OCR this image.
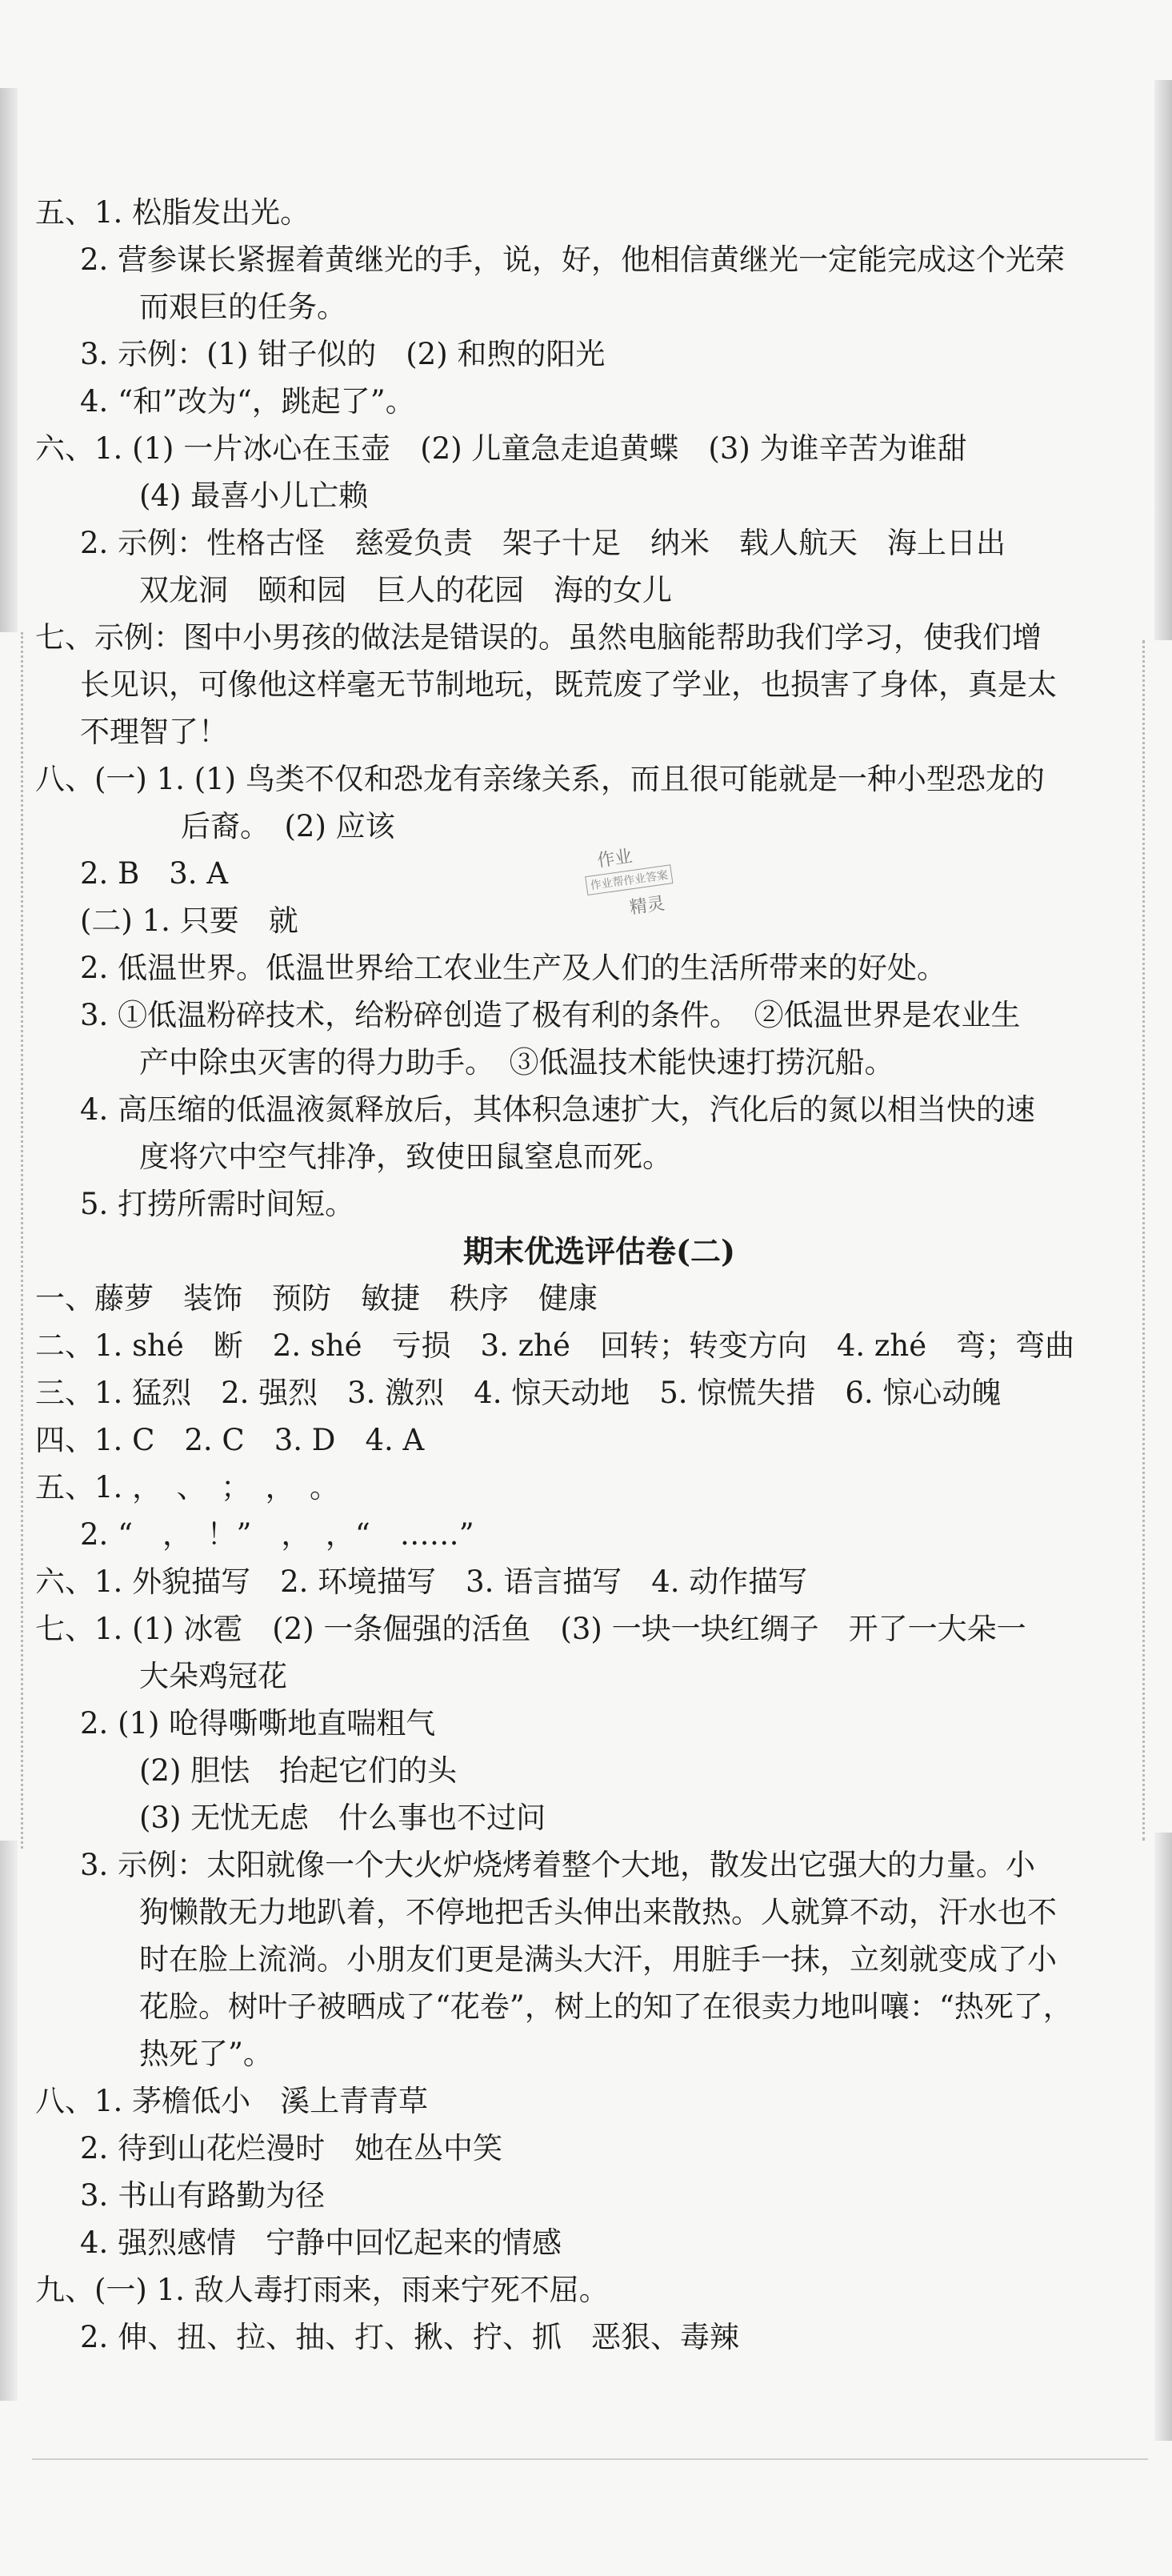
五、1. 松脂发出光。
2. 营参谋长紧握着黄继光的手，说，好，他相信黄继光一定能完成这个光荣
而艰巨的任务。
3. 示例：(1) 钳子似的　(2) 和煦的阳光
4. “和”改为“，跳起了”。
六、1. (1) 一片冰心在玉壶　(2) 儿童急走追黄蝶　(3) 为谁辛苦为谁甜
(4) 最喜小儿亡赖
2. 示例：性格古怪　慈爱负责　架子十足　纳米　载人航天　海上日出
双龙洞　颐和园　巨人的花园　海的女儿
七、示例：图中小男孩的做法是错误的。虽然电脑能帮助我们学习，使我们增
长见识，可像他这样毫无节制地玩，既荒废了学业，也损害了身体，真是太
不理智了！
八、(一) 1. (1) 鸟类不仅和恐龙有亲缘关系，而且很可能就是一种小型恐龙的
后裔。　(2) 应该
2. B　3. A
(二) 1. 只要　就
2. 低温世界。低温世界给工农业生产及人们的生活所带来的好处。
3. ①低温粉碎技术，给粉碎创造了极有利的条件。　②低温世界是农业生
产中除虫灭害的得力助手。　③低温技术能快速打捞沉船。
4. 高压缩的低温液氮释放后，其体积急速扩大，汽化后的氮以相当快的速
度将穴中空气排净，致使田鼠窒息而死。
5. 打捞所需时间短。
期末优选评估卷(二)
一、藤萝　装饰　预防　敏捷　秩序　健康
二、1. shé　断　2. shé　亏损　3. zhé　回转；转变方向　4. zhé　弯；弯曲
三、1. 猛烈　2. 强烈　3. 激烈　4. 惊天动地　5. 惊慌失措　6. 惊心动魄
四、1. C　2. C　3. D　4. A
五、1. ，　、　；　，　。
2. “　，　！”　，　，“　……”
六、1. 外貌描写　2. 环境描写　3. 语言描写　4. 动作描写
七、1. (1) 冰雹　(2) 一条倔强的活鱼　(3) 一块一块红绸子　开了一大朵一
大朵鸡冠花
2. (1) 呛得嘶嘶地直喘粗气
(2) 胆怯　抬起它们的头
(3) 无忧无虑　什么事也不过问
3. 示例：太阳就像一个大火炉烧烤着整个大地，散发出它强大的力量。小
狗懒散无力地趴着，不停地把舌头伸出来散热。人就算不动，汗水也不
时在脸上流淌。小朋友们更是满头大汗，用脏手一抹，立刻就变成了小
花脸。树叶子被晒成了“花卷”，树上的知了在很卖力地叫嚷：“热死了，
热死了”。
八、1. 茅檐低小　溪上青青草
2. 待到山花烂漫时　她在丛中笑
3. 书山有路勤为径
4. 强烈感情　宁静中回忆起来的情感
九、(一) 1. 敌人毒打雨来，雨来宁死不屈。
2. 伸、扭、拉、抽、打、揪、拧、抓　恶狠、毒辣
作业
作业帮作业答案
精灵
